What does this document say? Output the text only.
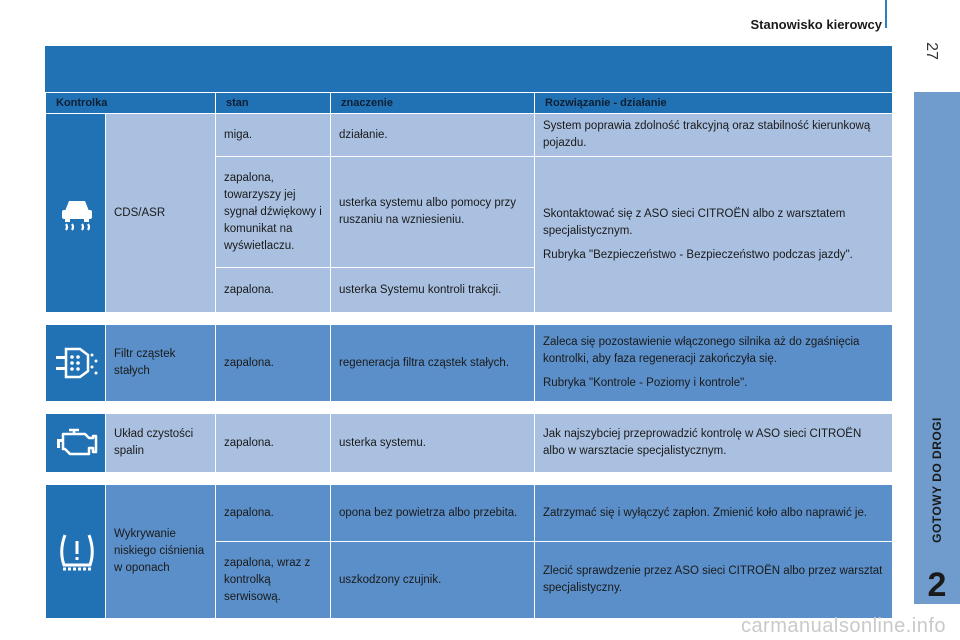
Stanowisko kierowcy
27
GOTOWY DO DROGI
2
Kontrolka		stan	znaczenie	Rozwiązanie - działanie

	CDS/ASR	miga.	działanie.	System poprawia zdolność trakcyjną oraz stabilność kierunkową pojazdu.

		zapalona, towarzyszy jej sygnał dźwiękowy i komunikat na wyświetlaczu.	usterka systemu albo pomocy przy ruszaniu na wzniesieniu.	Skontaktować się z ASO sieci CITROËN albo z warsztatem specjalistycznym.

Rubryka "Bezpieczeństwo - Bezpieczeństwo podczas jazdy".

		zapalona.	usterka Systemu kontroli trakcji.	

	Filtr cząstek stałych	zapalona.	regeneracja filtra cząstek stałych.	Zaleca się pozostawienie włączonego silnika aż do zgaśnięcia kontrolki, aby faza regeneracji zakończyła się.

Rubryka "Kontrole - Poziomy i kontrole".

	Układ czystości spalin	zapalona.	usterka systemu.	Jak najszybciej przeprowadzić kontrolę w ASO sieci CITROËN albo w warsztacie specjalistycznym.

	Wykrywanie niskiego ciśnienia w oponach	zapalona.	opona bez powietrza albo przebita.	Zatrzymać się i wyłączyć zapłon. Zmienić koło albo naprawić je.

		zapalona, wraz z kontrolką serwisową.	uszkodzony czujnik.	Zlecić sprawdzenie przez ASO sieci CITROËN albo przez warsztat specjalistyczny.

carmanualsonline.info
